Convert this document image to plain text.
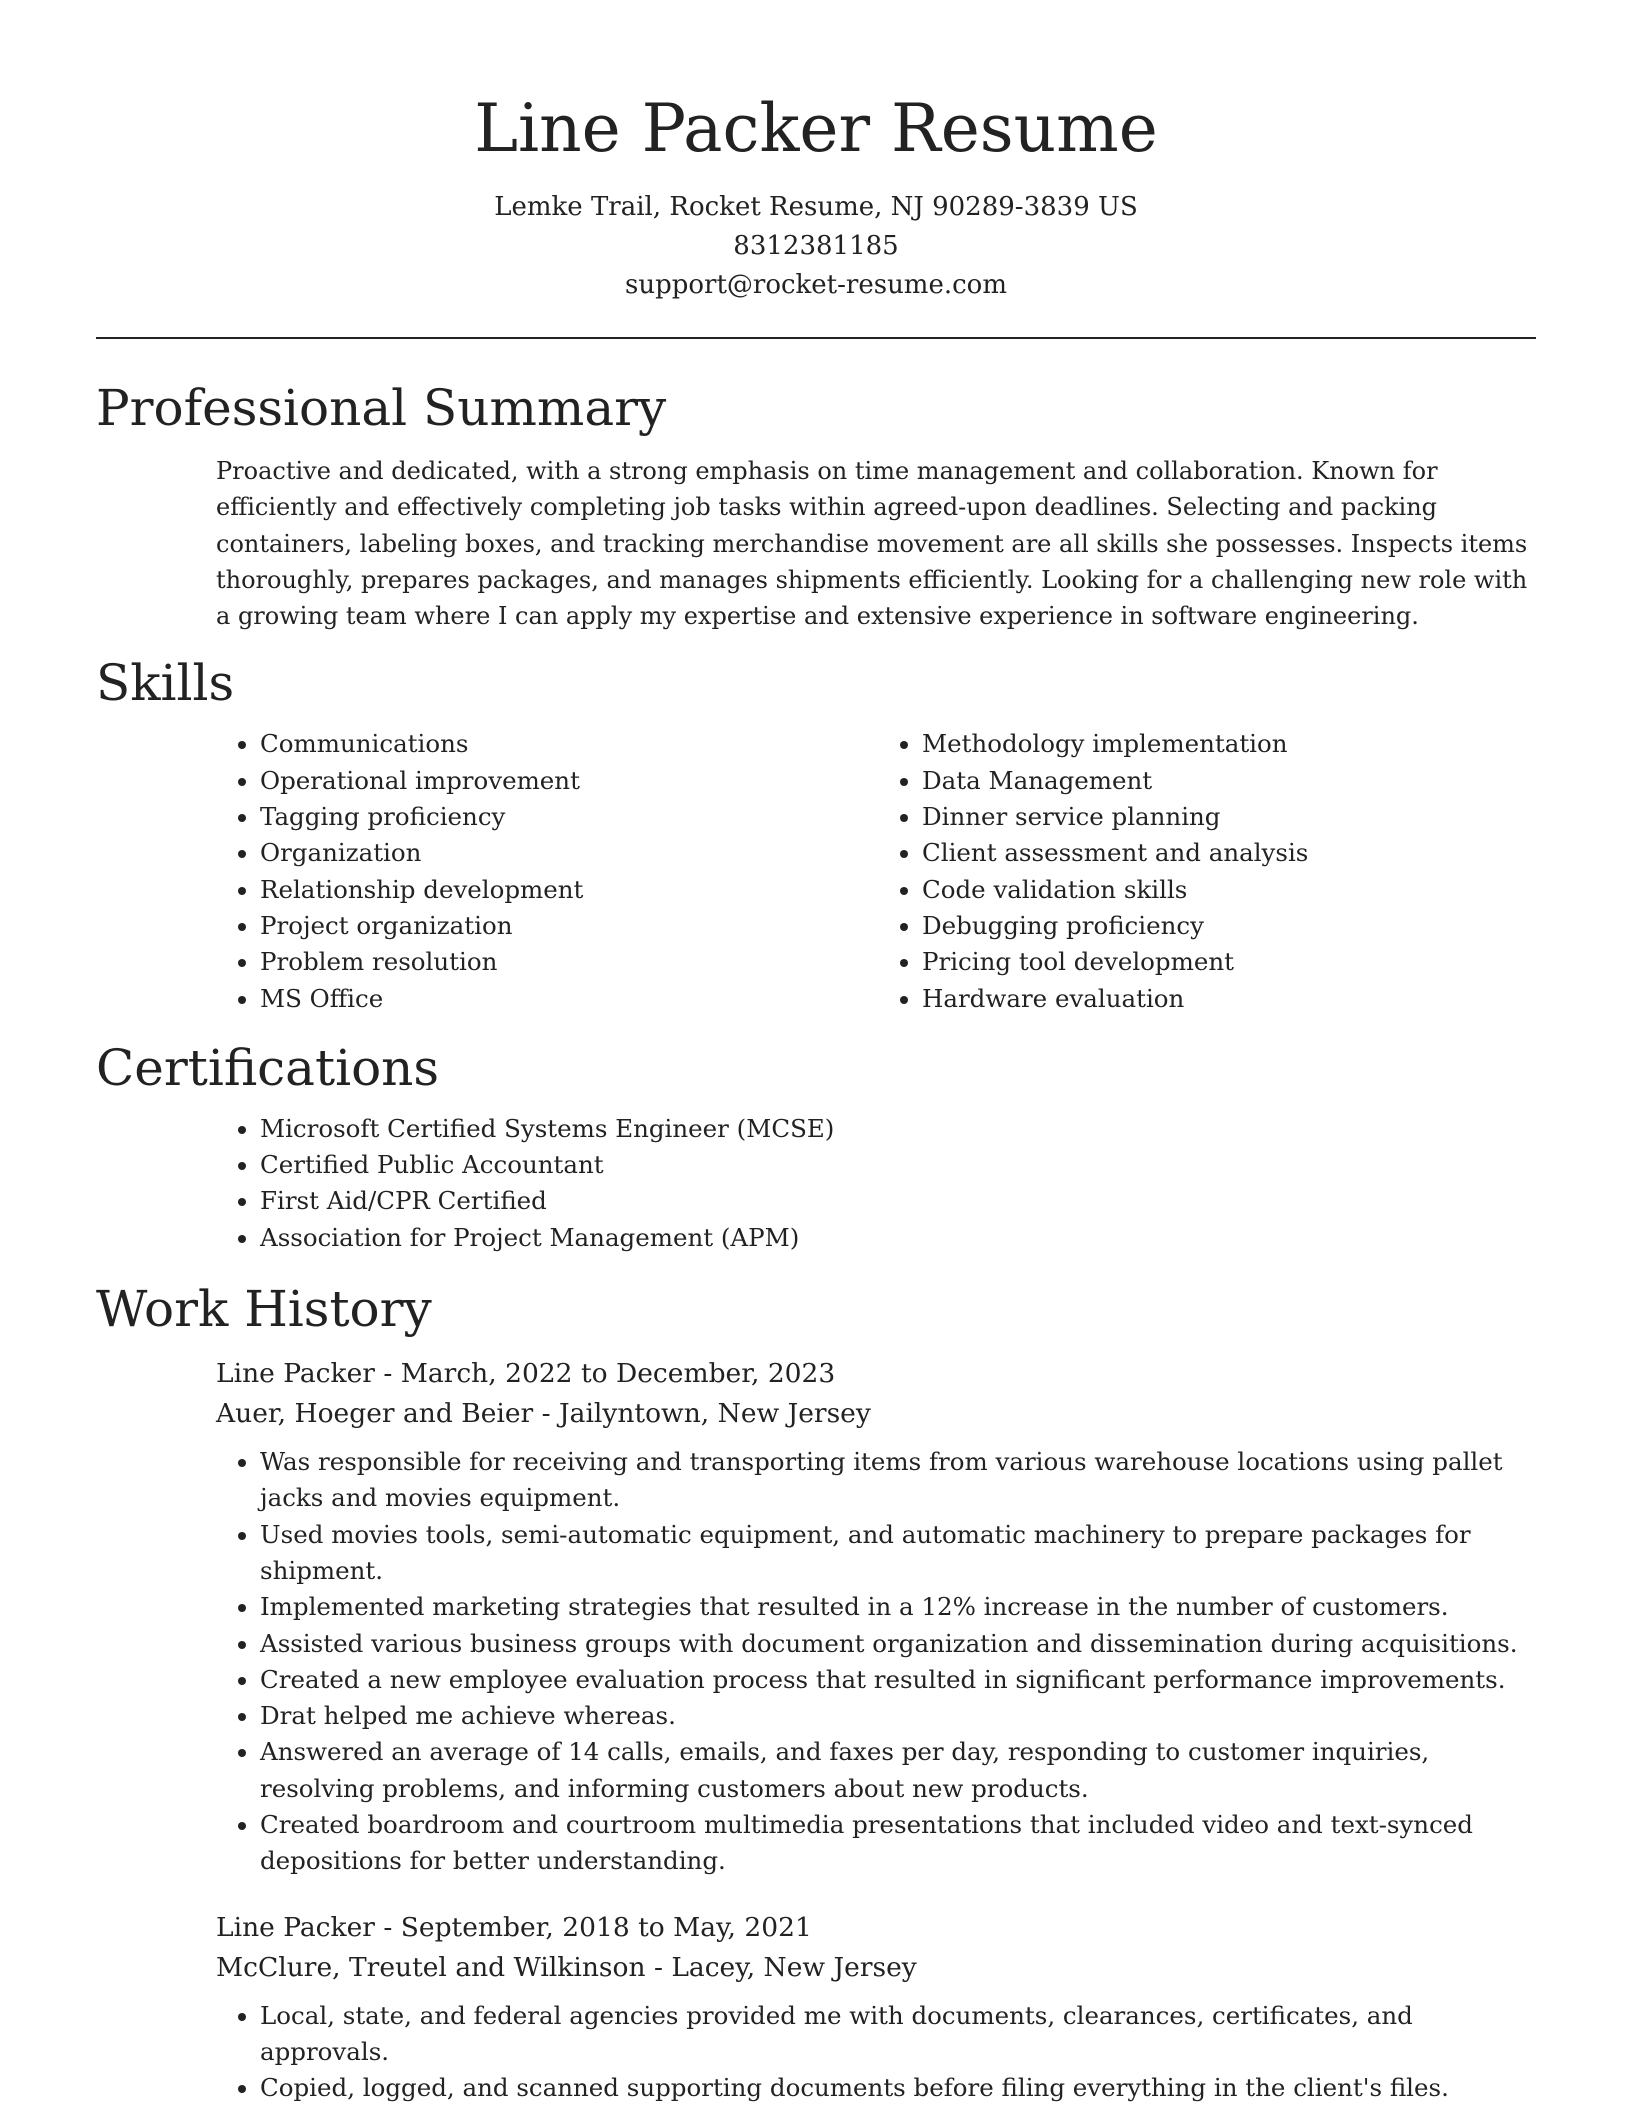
Line Packer Resume
Lemke Trail, Rocket Resume, NJ 90289-3839 US
8312381185
support@rocket-resume.com
Professional Summary

Proactive and dedicated, with a strong emphasis on time management and collaboration. Known for efficiently and effectively completing job tasks within agreed-upon deadlines. Selecting and packing containers, labeling boxes, and tracking merchandise movement are all skills she possesses. Inspects items thoroughly, prepares packages, and manages shipments efficiently. Looking for a challenging new role with a growing team where I can apply my expertise and extensive experience in software engineering.

Skills
• Communications
• Operational improvement
• Tagging proficiency
• Organization
• Relationship development
• Project organization
• Problem resolution
• MS Office
• Methodology implementation
• Data Management
• Dinner service planning
• Client assessment and analysis
• Code validation skills
• Debugging proficiency
• Pricing tool development
• Hardware evaluation
Certifications
• Microsoft Certified Systems Engineer (MCSE)
• Certified Public Accountant
• First Aid/CPR Certified
• Association for Project Management (APM)
Work History
Line Packer - March, 2022 to December, 2023
Auer, Hoeger and Beier - Jailyntown, New Jersey
• Was responsible for receiving and transporting items from various warehouse locations using pallet jacks and movies equipment.
• Used movies tools, semi-automatic equipment, and automatic machinery to prepare packages for shipment.
• Implemented marketing strategies that resulted in a 12% increase in the number of customers.
• Assisted various business groups with document organization and dissemination during acquisitions.
• Created a new employee evaluation process that resulted in significant performance improvements.
• Drat helped me achieve whereas.
• Answered an average of 14 calls, emails, and faxes per day, responding to customer inquiries, resolving problems, and informing customers about new products.
• Created boardroom and courtroom multimedia presentations that included video and text-synced depositions for better understanding.
Line Packer - September, 2018 to May, 2021
McClure, Treutel and Wilkinson - Lacey, New Jersey
• Local, state, and federal agencies provided me with documents, clearances, certificates, and approvals.
• Copied, logged, and scanned supporting documents before filing everything in the client's files.
